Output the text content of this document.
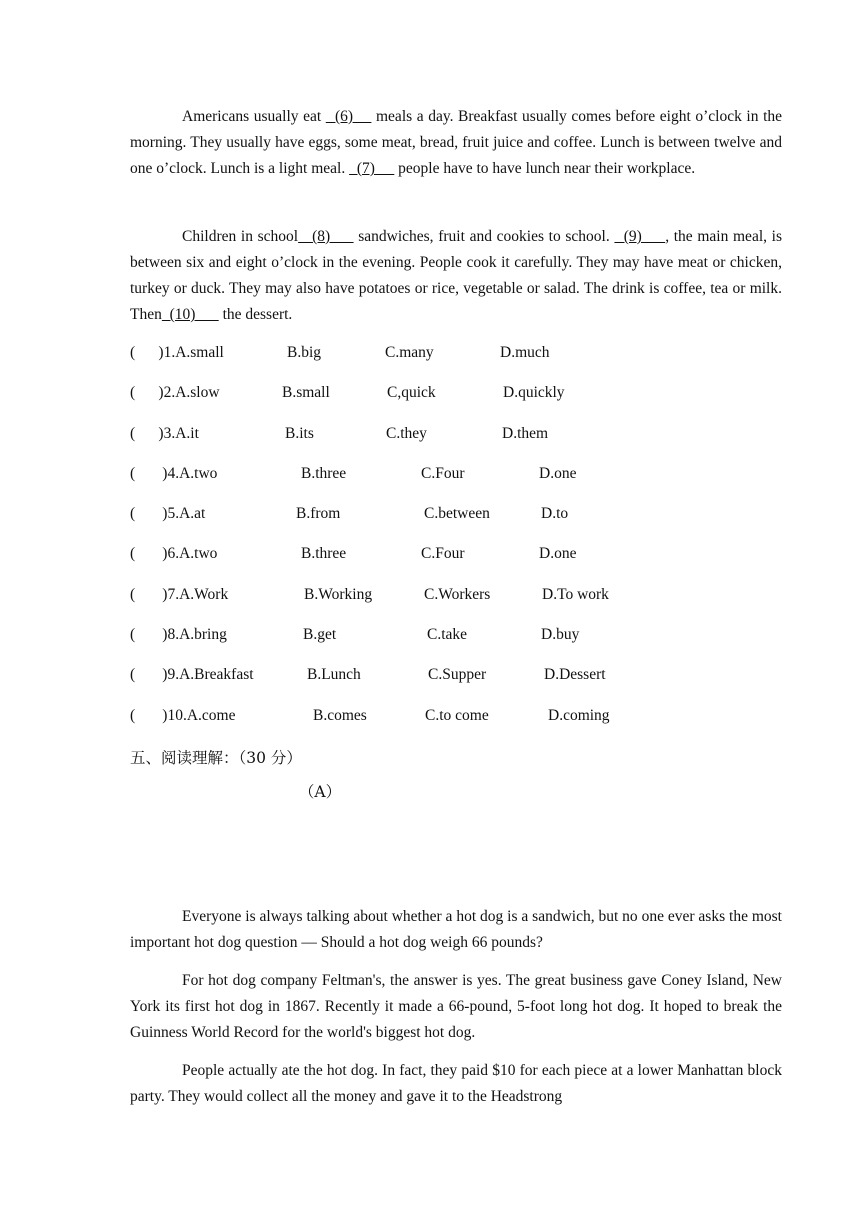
Americans usually eat   (6)     meals a day. Breakfast usually comes before eight o’clock in the morning. They usually have eggs, some meat, bread, fruit juice and coffee. Lunch is between twelve and one o’clock. Lunch is a light meal.   (7)      people have to have lunch near their workplace.

Children in school   (8)      sandwiches, fruit and cookies to school.   (9)     , the main meal, is between six and eight o’clock in the evening. People cook it carefully. They may have meat or chicken, turkey or duck. They may also have potatoes or rice, vegetable or salad. The drink is coffee, tea or milk. Then  (10)       the dessert.

(      )1.A.small	B.big	C.many	D.much
(      )2.A.slow	B.small	C,quick	D.quickly
(      )3.A.it	B.its	C.they	D.them
(       )4.A.two	B.three	C.Four	D.one
(       )5.A.at	B.from	C.between	D.to
(       )6.A.two	B.three	C.Four	D.one
(       )7.A.Work	B.Working	C.Workers	D.To work
(       )8.A.bring	B.get	C.take	D.buy
(       )9.A.Breakfast	B.Lunch	C.Supper	D.Dessert
(       )10.A.come	B.comes	C.to come	D.coming
五、阅读理解：（30 分）
（A）

Everyone is always talking about whether a hot dog is a sandwich, but no one ever asks the most important hot dog question — Should a hot dog weigh 66 pounds?

For hot dog company Feltman's, the answer is yes. The great business gave Coney Island, New York its first hot dog in 1867. Recently it made a 66-pound, 5-foot long hot dog. It hoped to break the Guinness World Record for the world's biggest hot dog.

People actually ate the hot dog. In fact, they paid $10 for each piece at a lower Manhattan block party. They would collect all the money and gave it to the Headstrong
